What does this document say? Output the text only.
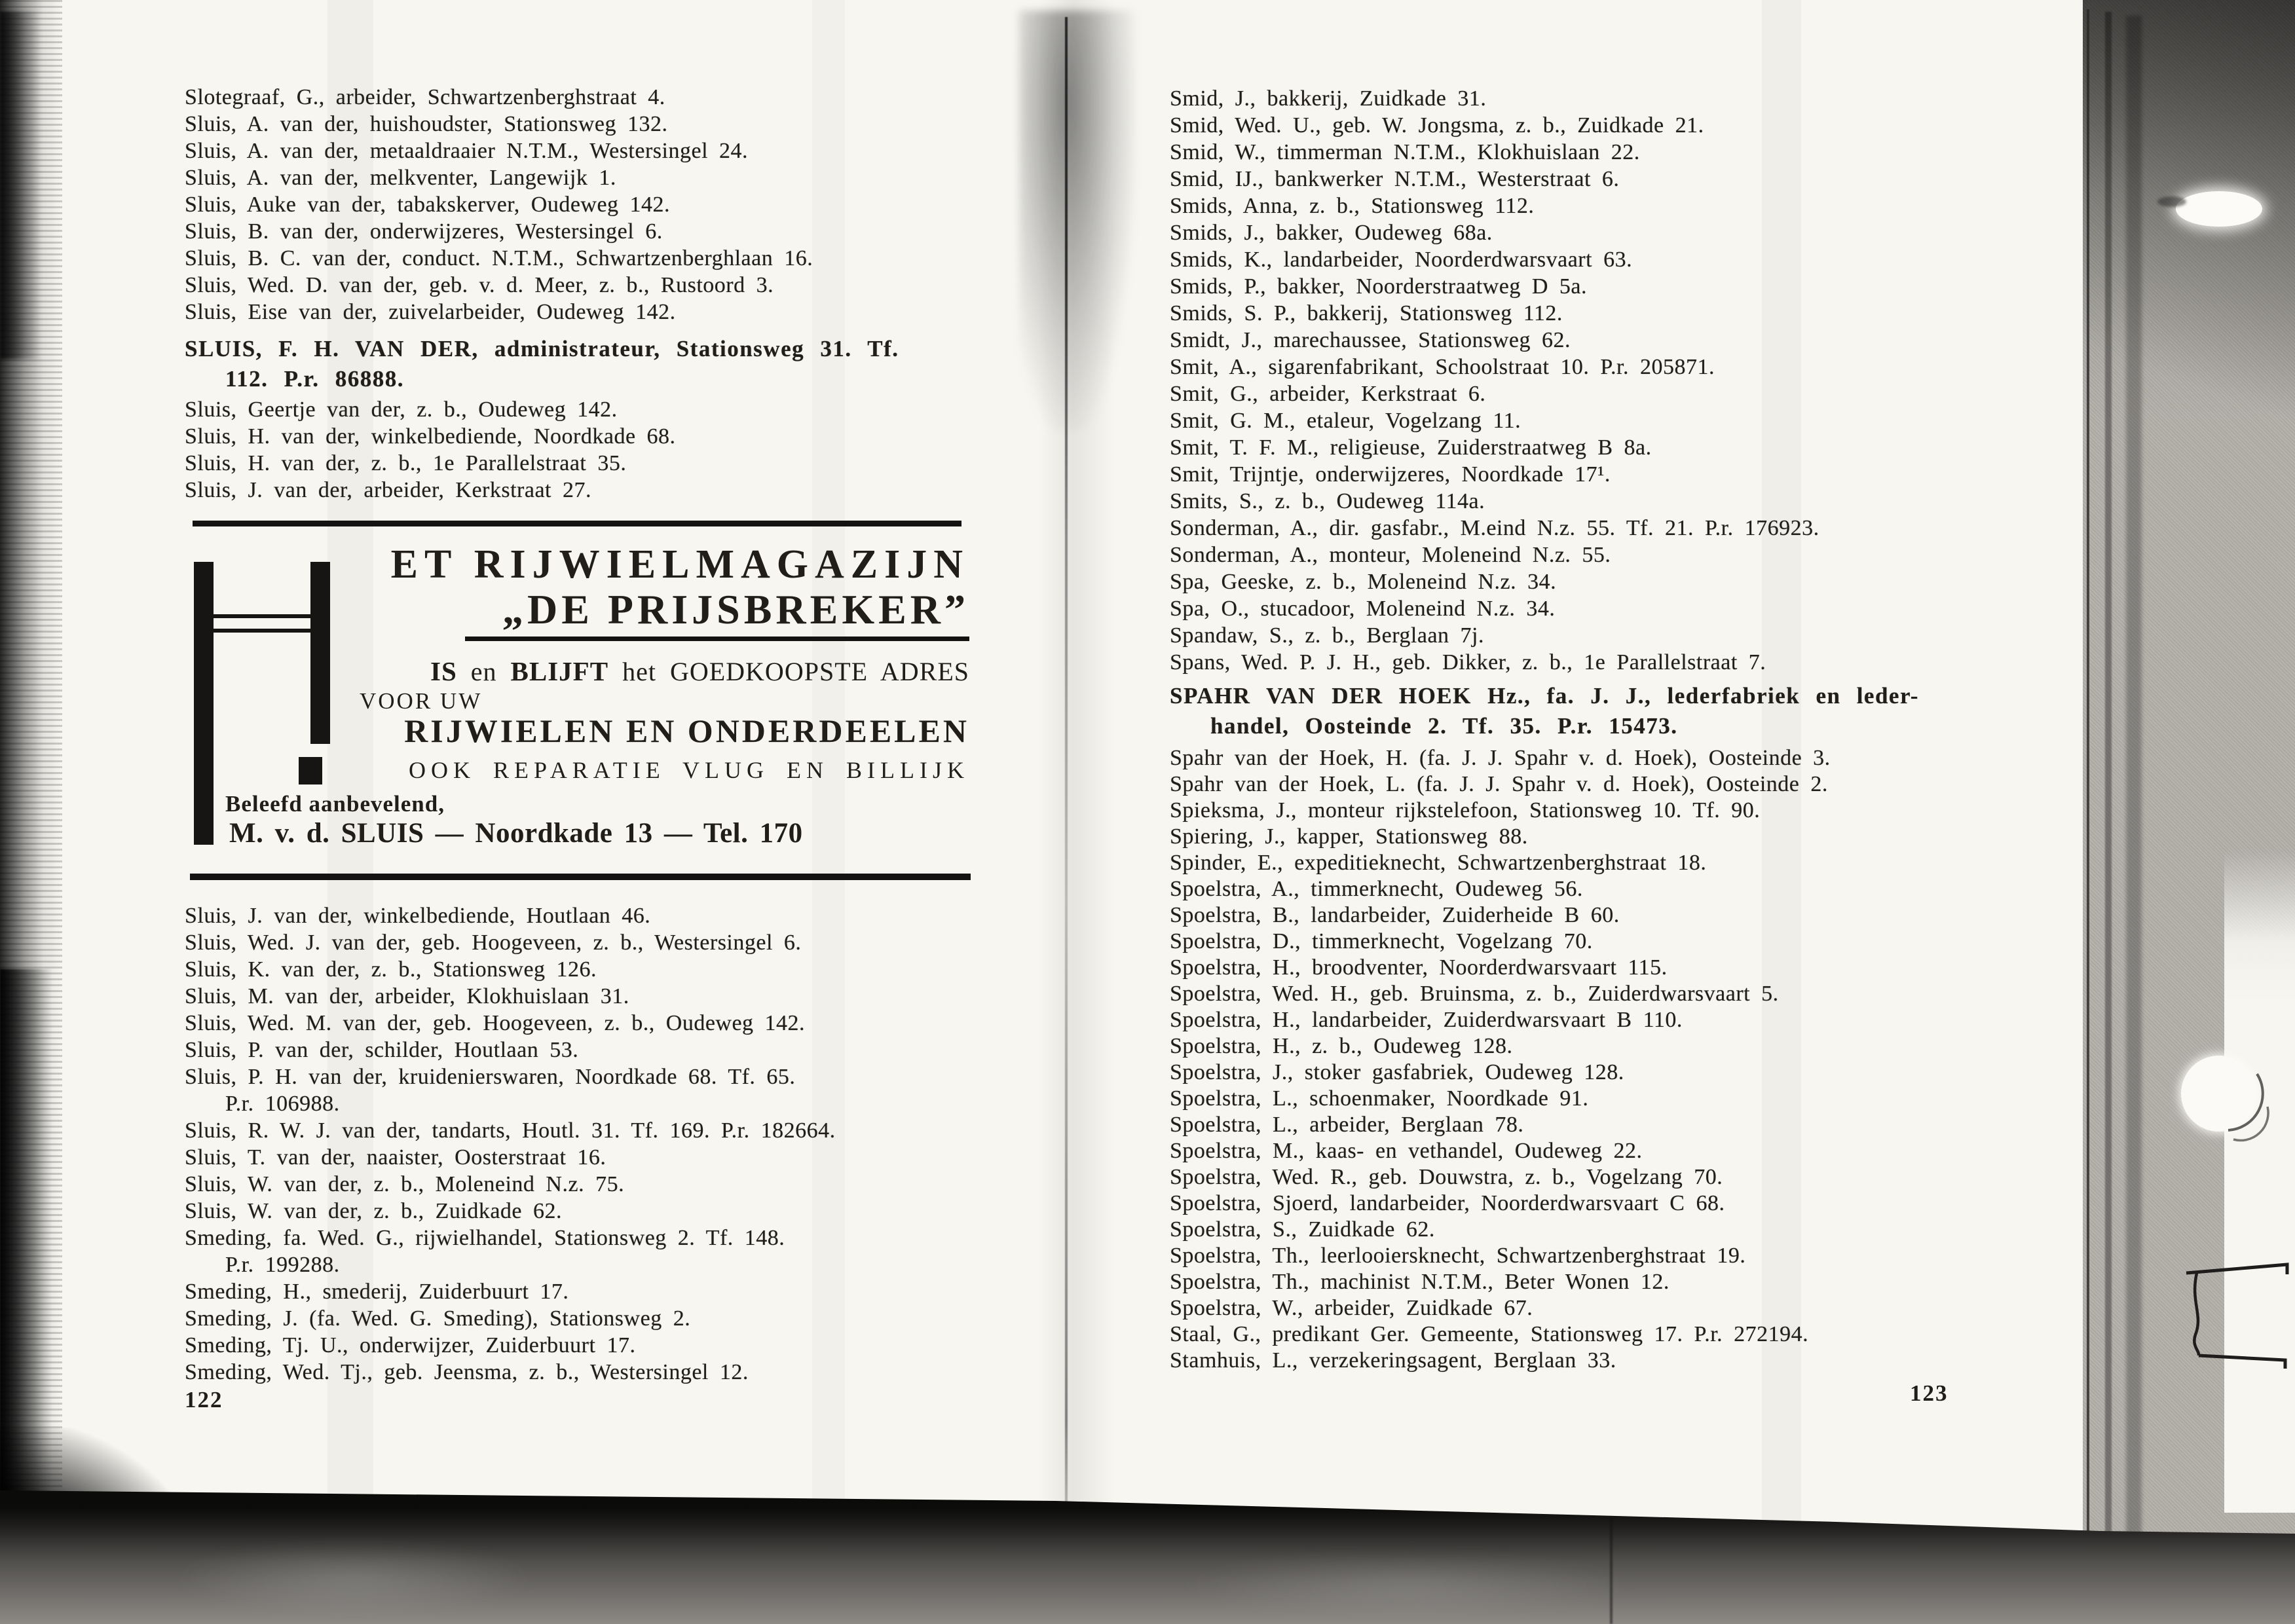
Slotegraaf, G., arbeider, Schwartzenberghstraat 4.
Sluis, A. van der, huishoudster, Stationsweg 132.
Sluis, A. van der, metaaldraaier N.T.M., Westersingel 24.
Sluis, A. van der, melkventer, Langewijk 1.
Sluis, Auke van der, tabakskerver, Oudeweg 142.
Sluis, B. van der, onderwijzeres, Westersingel 6.
Sluis, B. C. van der, conduct. N.T.M., Schwartzenberghlaan 16.
Sluis, Wed. D. van der, geb. v. d. Meer, z. b., Rustoord 3.
Sluis, Eise van der, zuivelarbeider, Oudeweg 142.
SLUIS, F. H. VAN DER, administrateur, Stationsweg 31. Tf.
112. P.r. 86888.
Sluis, Geertje van der, z. b., Oudeweg 142.
Sluis, H. van der, winkelbediende, Noordkade 68.
Sluis, H. van der, z. b., 1e Parallelstraat 35.
Sluis, J. van der, arbeider, Kerkstraat 27.
ET RIJWIELMAGAZIJN
„DE PRIJSBREKER”
IS en BLIJFT het GOEDKOOPSTE ADRES
VOOR UW
RIJWIELEN EN ONDERDEELEN
OOK REPARATIE VLUG EN BILLIJK
Beleefd aanbevelend,
M. v. d. SLUIS — Noordkade 13 — Tel. 170
Sluis, J. van der, winkelbediende, Houtlaan 46.
Sluis, Wed. J. van der, geb. Hoogeveen, z. b., Westersingel 6.
Sluis, K. van der, z. b., Stationsweg 126.
Sluis, M. van der, arbeider, Klokhuislaan 31.
Sluis, Wed. M. van der, geb. Hoogeveen, z. b., Oudeweg 142.
Sluis, P. van der, schilder, Houtlaan 53.
Sluis, P. H. van der, kruidenierswaren, Noordkade 68. Tf. 65.
P.r. 106988.
Sluis, R. W. J. van der, tandarts, Houtl. 31. Tf. 169. P.r. 182664.
Sluis, T. van der, naaister, Oosterstraat 16.
Sluis, W. van der, z. b., Moleneind N.z. 75.
Sluis, W. van der, z. b., Zuidkade 62.
Smeding, fa. Wed. G., rijwielhandel, Stationsweg 2. Tf. 148.
P.r. 199288.
Smeding, H., smederij, Zuiderbuurt 17.
Smeding, J. (fa. Wed. G. Smeding), Stationsweg 2.
Smeding, Tj. U., onderwijzer, Zuiderbuurt 17.
Smeding, Wed. Tj., geb. Jeensma, z. b., Westersingel 12.
122
Smid, J., bakkerij, Zuidkade 31.
Smid, Wed. U., geb. W. Jongsma, z. b., Zuidkade 21.
Smid, W., timmerman N.T.M., Klokhuislaan 22.
Smid, IJ., bankwerker N.T.M., Westerstraat 6.
Smids, Anna, z. b., Stationsweg 112.
Smids, J., bakker, Oudeweg 68a.
Smids, K., landarbeider, Noorderdwarsvaart 63.
Smids, P., bakker, Noorderstraatweg D 5a.
Smids, S. P., bakkerij, Stationsweg 112.
Smidt, J., marechaussee, Stationsweg 62.
Smit, A., sigarenfabrikant, Schoolstraat 10. P.r. 205871.
Smit, G., arbeider, Kerkstraat 6.
Smit, G. M., etaleur, Vogelzang 11.
Smit, T. F. M., religieuse, Zuiderstraatweg B 8a.
Smit, Trijntje, onderwijzeres, Noordkade 17¹.
Smits, S., z. b., Oudeweg 114a.
Sonderman, A., dir. gasfabr., M.eind N.z. 55. Tf. 21. P.r. 176923.
Sonderman, A., monteur, Moleneind N.z. 55.
Spa, Geeske, z. b., Moleneind N.z. 34.
Spa, O., stucadoor, Moleneind N.z. 34.
Spandaw, S., z. b., Berglaan 7j.
Spans, Wed. P. J. H., geb. Dikker, z. b., 1e Parallelstraat 7.
SPAHR VAN DER HOEK Hz., fa. J. J., lederfabriek en leder-
handel, Oosteinde 2. Tf. 35. P.r. 15473.
Spahr van der Hoek, H. (fa. J. J. Spahr v. d. Hoek), Oosteinde 3.
Spahr van der Hoek, L. (fa. J. J. Spahr v. d. Hoek), Oosteinde 2.
Spieksma, J., monteur rijkstelefoon, Stationsweg 10. Tf. 90.
Spiering, J., kapper, Stationsweg 88.
Spinder, E., expeditieknecht, Schwartzenberghstraat 18.
Spoelstra, A., timmerknecht, Oudeweg 56.
Spoelstra, B., landarbeider, Zuiderheide B 60.
Spoelstra, D., timmerknecht, Vogelzang 70.
Spoelstra, H., broodventer, Noorderdwarsvaart 115.
Spoelstra, Wed. H., geb. Bruinsma, z. b., Zuiderdwarsvaart 5.
Spoelstra, H., landarbeider, Zuiderdwarsvaart B 110.
Spoelstra, H., z. b., Oudeweg 128.
Spoelstra, J., stoker gasfabriek, Oudeweg 128.
Spoelstra, L., schoenmaker, Noordkade 91.
Spoelstra, L., arbeider, Berglaan 78.
Spoelstra, M., kaas- en vethandel, Oudeweg 22.
Spoelstra, Wed. R., geb. Douwstra, z. b., Vogelzang 70.
Spoelstra, Sjoerd, landarbeider, Noorderdwarsvaart C 68.
Spoelstra, S., Zuidkade 62.
Spoelstra, Th., leerlooiersknecht, Schwartzenberghstraat 19.
Spoelstra, Th., machinist N.T.M., Beter Wonen 12.
Spoelstra, W., arbeider, Zuidkade 67.
Staal, G., predikant Ger. Gemeente, Stationsweg 17. P.r. 272194.
Stamhuis, L., verzekeringsagent, Berglaan 33.
123
